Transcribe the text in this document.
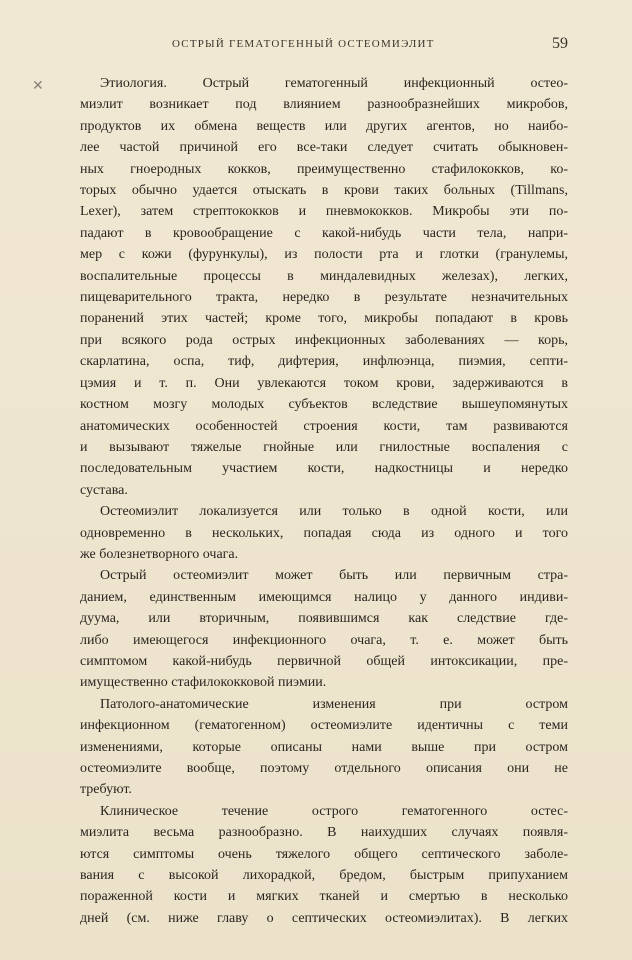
✕
ОСТРЫЙ ГЕМАТОГЕННЫЙ ОСТЕОМИЭЛИТ	59
Этиология. Острый гематогенный инфекционный остео-
миэлит возникает под влиянием разнообразнейших микробов,
продуктов их обмена веществ или других агентов, но наибо-
лее частой причиной его все-таки следует считать обыкновен-
ных гноеродных кокков, преимущественно стафилококков, ко-
торых обычно удается отыскать в крови таких больных (Tillmans,
Lexer), затем стрептококков и пневмококков. Микробы эти по-
падают в кровообращение с какой-нибудь части тела, напри-
мер с кожи (фурункулы), из полости рта и глотки (гранулемы,
воспалительные процессы в миндалевидных железах), легких,
пищеварительного тракта, нередко в результате незначительных
поранений этих частей; кроме того, микробы попадают в кровь
при всякого рода острых инфекционных заболеваниях — корь,
скарлатина, оспа, тиф, дифтерия, инфлюэнца, пиэмия, септи-
цэмия и т. п. Они увлекаются током крови, задерживаются в
костном мозгу молодых субъектов вследствие вышеупомянутых
анатомических особенностей строения кости, там развиваются
и вызывают тяжелые гнойные или гнилостные воспаления с
последовательным участием кости, надкостницы и нередко
сустава.
Остеомиэлит локализуется или только в одной кости, или
одновременно в нескольких, попадая сюда из одного и того
же болезнетворного очага.
Острый остеомиэлит может быть или первичным стра-
данием, единственным имеющимся налицо у данного индиви-
дуума, или вторичным, появившимся как следствие где-
либо имеющегося инфекционного очага, т. е. может быть
симптомом какой-нибудь первичной общей интоксикации, пре-
имущественно стафилококковой пиэмии.
Патолого-анатомические изменения при остром
инфекционном (гематогенном) остеомиэлите идентичны с теми
изменениями, которые описаны нами выше при остром
остеомиэлите вообще, поэтому отдельного описания они не
требуют.
Клиническое течение острого гематогенного остес-
миэлита весьма разнообразно. В наихудших случаях появля-
ются симптомы очень тяжелого общего септического заболе-
вания с высокой лихорадкой, бредом, быстрым припуханием
пораженной кости и мягких тканей и смертью в несколько
дней (см. ниже главу о септических остеомиэлитах). В легких
